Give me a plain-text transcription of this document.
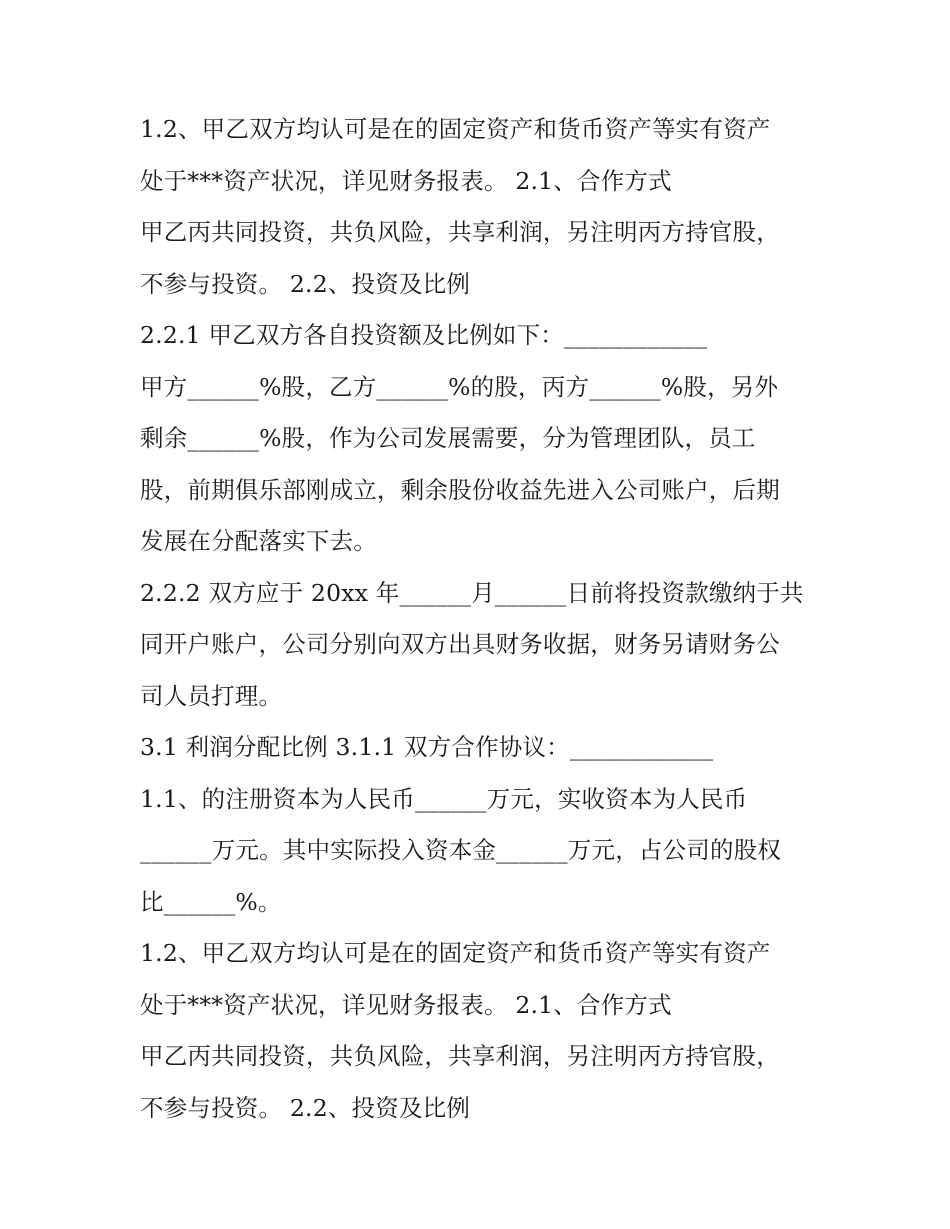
1.2、甲乙双方均认可是在的固定资产和货币资产等实有资产
处于***资产状况，详见财务报表。 2.1、合作方式
甲乙丙共同投资，共负风险，共享利润，另注明丙方持官股，
不参与投资。 2.2、投资及比例
2.2.1 甲乙双方各自投资额及比例如下：____________
甲方______%股，乙方______%的股，丙方______%股，另外
剩余______%股，作为公司发展需要，分为管理团队，员工
股，前期俱乐部刚成立，剩余股份收益先进入公司账户，后期
发展在分配落实下去。
2.2.2 双方应于 20xx 年______月______日前将投资款缴纳于共
同开户账户，公司分别向双方出具财务收据，财务另请财务公
司人员打理。
3.1 利润分配比例 3.1.1 双方合作协议：____________
1.1、的注册资本为人民币______万元，实收资本为人民币
______万元。其中实际投入资本金______万元，占公司的股权
比______%。
1.2、甲乙双方均认可是在的固定资产和货币资产等实有资产
处于***资产状况，详见财务报表。 2.1、合作方式
甲乙丙共同投资，共负风险，共享利润，另注明丙方持官股，
不参与投资。 2.2、投资及比例
